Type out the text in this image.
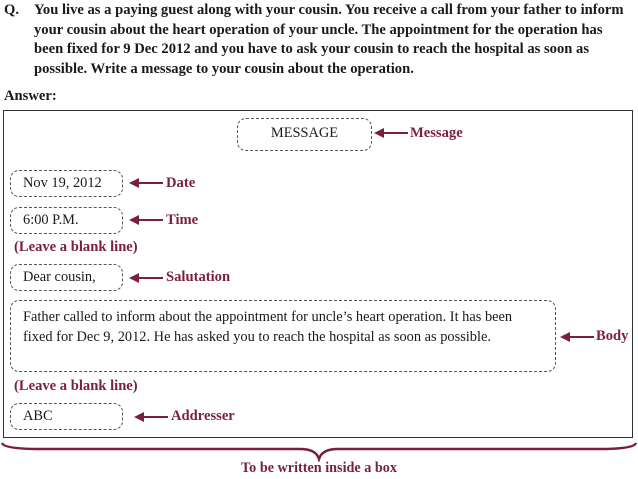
Q. You live as a paying guest along with your cousin. You receive a call from your father to inform your cousin about the heart operation of your uncle. The appointment for the operation has been fixed for 9 Dec 2012 and you have to ask your cousin to reach the hospital as soon as possible. Write a message to your cousin about the operation.
Answer:
MESSAGE	Message
Nov 19, 2012	Date
6:00 P.M.	Time
(Leave a blank line)
Dear cousin,	Salutation
Father called to inform about the appointment for uncle’s heart operation. It has been fixed for Dec 9, 2012. He has asked you to reach the hospital as soon as possible.	Body
(Leave a blank line)
ABC	Addresser
To be written inside a box
